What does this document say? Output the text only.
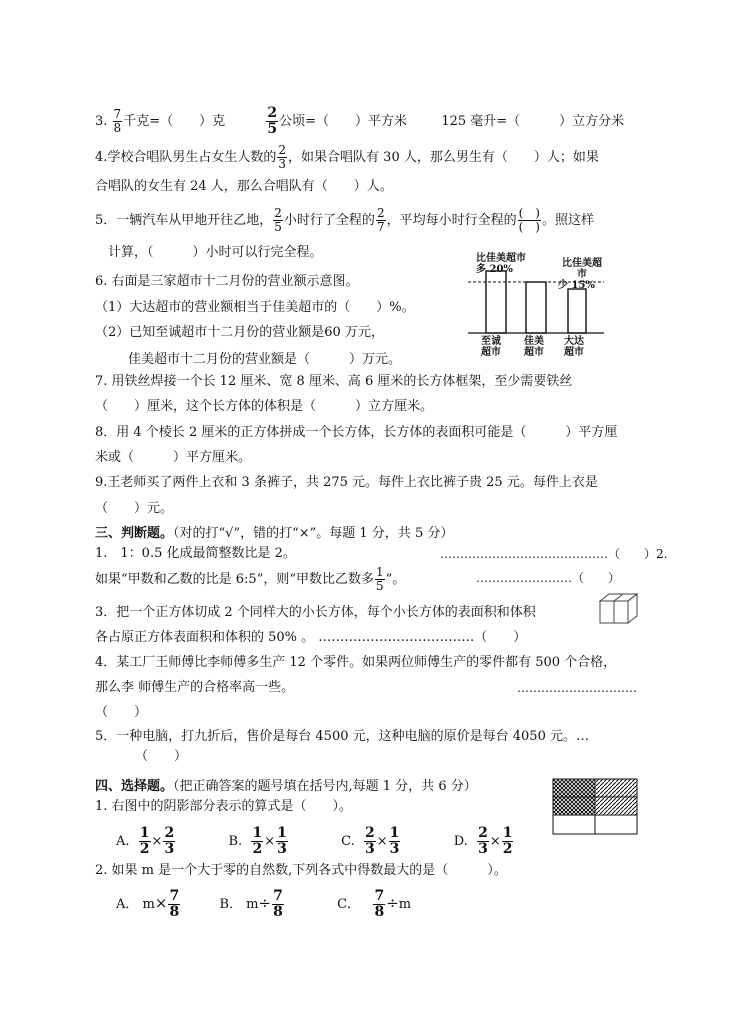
3. $\frac{7}{8}$ 千克=（　　）克	$\frac{2}{5}$ 公顷=（　　）平方米	125 毫升=（　　　）立方分米
4.学校合唱队男生占女生人数的 $\frac{2}{3}$ ，如果合唱队有 30 人，那么男生有（　　）人；如果
合唱队的女生有 24 人，那么合唱队有（　　）人。
5．一辆汽车从甲地开往乙地， $\frac{2}{5}$ 小时行了全程的 $\frac{2}{7}$ ，平均每小时行全程的 (　)
(　) 。照这样
计算，（　　　）小时可以行完全程。
6. 右面是三家超市十二月份的营业额示意图。
（1）大达超市的营业额相当于佳美超市的（　　）%。
（2）已知至诚超市十二月份的营业额是60 万元，
佳美超市十二月份的营业额是（　　　）万元。
比佳美超市
多 20%
比佳美超市
少 15%
至诚
超市
佳美
超市
大达
超市
7. 用铁丝焊接一个长 12 厘米、宽 8 厘米、高 6 厘米的长方体框架，至少需要铁丝
（　　）厘米，这个长方体的体积是（　　　）立方厘米。
8．用 4 个棱长 2 厘米的正方体拼成一个长方体，长方体的表面积可能是（　　　）平方厘
米或（　　　）平方厘米。
9.王老师买了两件上衣和 3 条裤子，共 275 元。每件上衣比裤子贵 25 元。每件上衣是
（　　）元。
三、判断题。（对的打“√”，错的打“×”。每题 1 分，共 5 分）
1.　1：0.5 化成最简整数比是 2。	……………………………………（　　）2.
如果“甲数和乙数的比是 6:5”，则“甲数比乙数多 $\frac{1}{5}$ ”。	……………………（　　）
3．把一个正方体切成 2 个同样大的小长方体，每个小长方体的表面积和体积
各占原正方体表面积和体积的 50% 。 ………………………………（　　）
4．某工厂王师傅比李师傅多生产 12 个零件。如果两位师傅生产的零件都有 500 个合格，
那么李 师傅生产的合格率高一些。	…………………………
（　　）
5．一种电脑，打九折后，售价是每台 4500 元，这种电脑的原价是每台 4050 元。…
（　　）
四、选择题。（把正确答案的题号填在括号内,每题 1 分，共 6 分）
1. 右图中的阴影部分表示的算式是（　　）。
A. $\frac{1}{2} \times \frac{2}{3}$	B. $\frac{1}{2} \times \frac{1}{3}$	C. $\frac{2}{3} \times \frac{1}{3}$	D. $\frac{2}{3} \times \frac{1}{2}$
2. 如果 m 是一个大于零的自然数,下列各式中得数最大的是（　　　）。
A． $m\times \frac{7}{8}$	B． $m\div \frac{7}{8}$	C． $\frac{7}{8} \div m$
